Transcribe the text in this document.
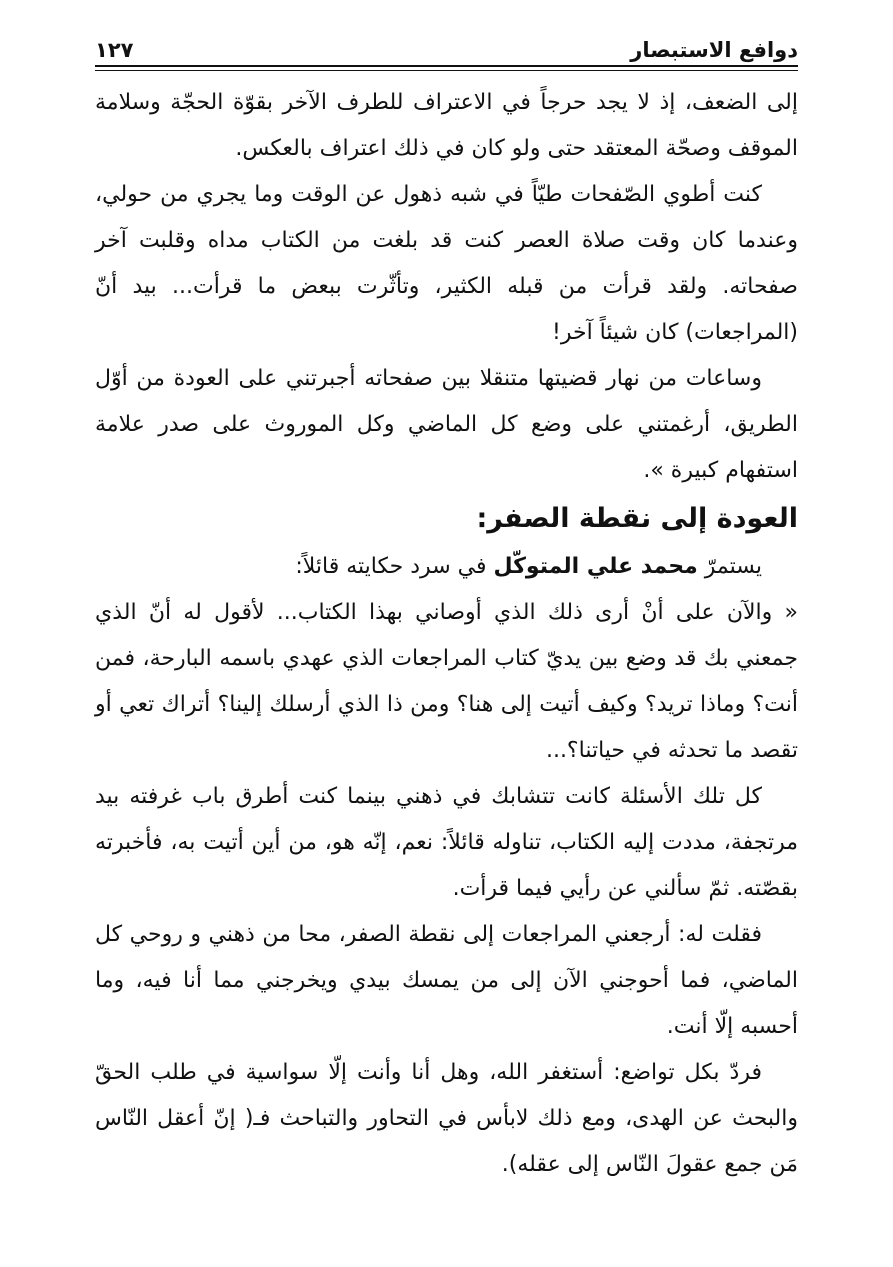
دوافع الاستبصار
١٢٧

إلى الضعف، إذ لا يجد حرجاً في الاعتراف للطرف الآخر بقوّة الحجّة وسلامة الموقف وصحّة المعتقد حتى ولو كان في ذلك اعتراف بالعكس.

كنت أطوي الصّفحات طيّاً في شبه ذهول عن الوقت وما يجري من حولي، وعندما كان وقت صلاة العصر كنت قد بلغت من الكتاب مداه وقلبت آخر صفحاته. ولقد قرأت من قبله الكثير، وتأثّرت ببعض ما قرأت... بيد أنّ (المراجعات) كان شيئاً آخر!

وساعات من نهار قضيتها متنقلا بين صفحاته أجبرتني على العودة من أوّل الطريق، أرغمتني على وضع كل الماضي وكل الموروث على صدر علامة استفهام كبيرة ».

العودة إلى نقطة الصفر:

يستمرّ محمد علي المتوكّل في سرد حكايته قائلاً:

« والآن على أنْ أرى ذلك الذي أوصاني بهذا الكتاب... لأقول له أنّ الذي جمعني بك قد وضع بين يديّ كتاب المراجعات الذي عهدي باسمه البارحة، فمن أنت؟ وماذا تريد؟ وكيف أتيت إلى هنا؟ ومن ذا الذي أرسلك إلينا؟ أتراك تعي أو تقصد ما تحدثه في حياتنا؟...

كل تلك الأسئلة كانت تتشابك في ذهني بينما كنت أطرق باب غرفته بيد مرتجفة، مددت إليه الكتاب، تناوله قائلاً: نعم، إنّه هو، من أين أتيت به، فأخبرته بقصّته. ثمّ سألني عن رأيي فيما قرأت.

فقلت له: أرجعني المراجعات إلى نقطة الصفر، محا من ذهني و روحي كل الماضي، فما أحوجني الآن إلى من يمسك بيدي ويخرجني مما أنا فيه، وما أحسبه إلّا أنت.

فردّ بكل تواضع: أستغفر الله، وهل أنا وأنت إلّا سواسية في طلب الحقّ والبحث عن الهدى، ومع ذلك لابأس في التحاور والتباحث فـ( إنّ أعقل النّاس مَن جمع عقولَ النّاس إلى عقله).
